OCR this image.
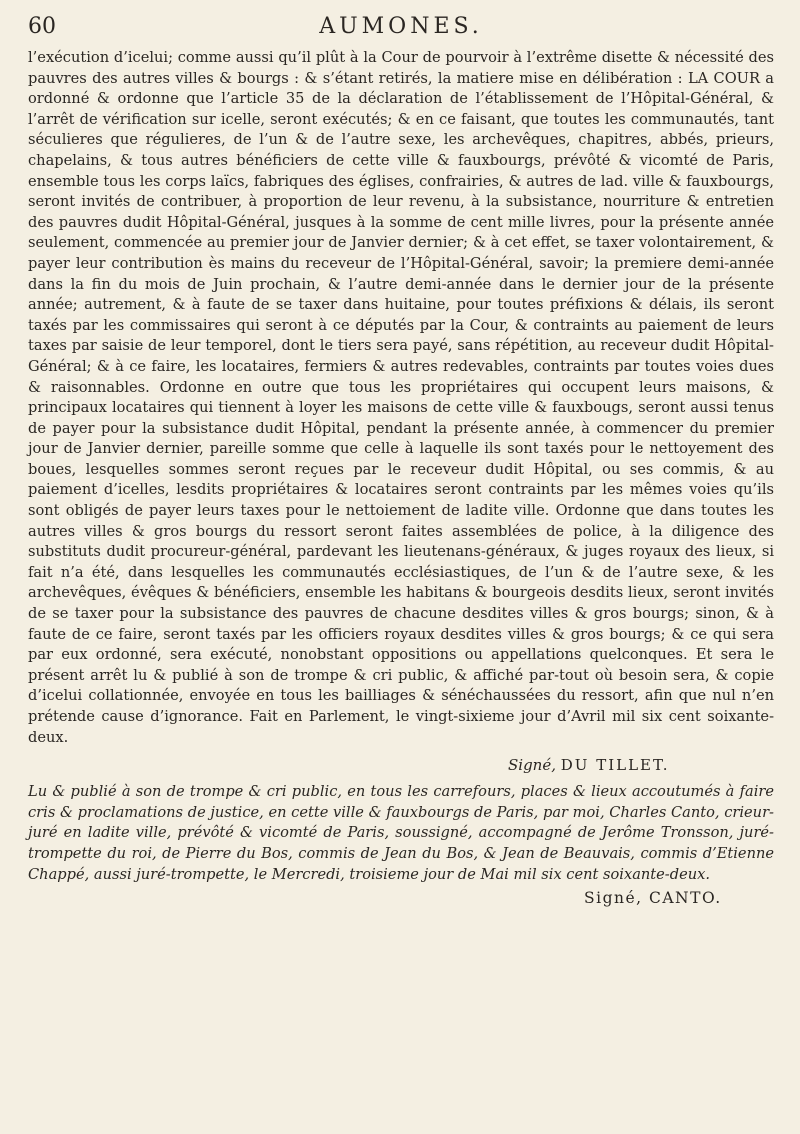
60	AUMONES.

l’exécution d’icelui; comme aussi qu’il plût à la Cour de pourvoir à l’extrême disette & nécessité des pauvres des autres villes & bourgs : & s’étant retirés, la matiere mise en délibération : LA COUR a ordonné & ordonne que l’article 35 de la déclaration de l’établissement de l’Hôpital-Général, & l’arrêt de vérification sur icelle, seront exécutés; & en ce faisant, que toutes les communautés, tant séculieres que régulieres, de l’un & de l’autre sexe, les archevêques, chapitres, abbés, prieurs, chapelains, & tous autres bénéficiers de cette ville & fauxbourgs, prévôté & vicomté de Paris, ensemble tous les corps laïcs, fabriques des églises, confrairies, & autres de lad. ville & fauxbourgs, seront invités de contribuer, à proportion de leur revenu, à la subsistance, nourriture & entretien des pauvres dudit Hôpital-Général, jusques à la somme de cent mille livres, pour la présente année seulement, commencée au premier jour de Janvier dernier; & à cet effet, se taxer volontairement, & payer leur contribution ès mains du receveur de l’Hôpital-Général, savoir; la premiere demi-année dans la fin du mois de Juin prochain, & l’autre demi-année dans le dernier jour de la présente année; autrement, & à faute de se taxer dans huitaine, pour toutes préfixions & délais, ils seront taxés par les commissaires qui seront à ce députés par la Cour, & contraints au paiement de leurs taxes par saisie de leur temporel, dont le tiers sera payé, sans répétition, au receveur dudit Hôpital-Général; & à ce faire, les locataires, fermiers & autres redevables, contraints par toutes voies dues & raisonnables. Ordonne en outre que tous les propriétaires qui occupent leurs maisons, & principaux locataires qui tiennent à loyer les maisons de cette ville & fauxbougs, seront aussi tenus de payer pour la subsistance dudit Hôpital, pendant la présente année, à commencer du premier jour de Janvier dernier, pareille somme que celle à laquelle ils sont taxés pour le nettoyement des boues, lesquelles sommes seront reçues par le receveur dudit Hôpital, ou ses commis, & au paiement d’icelles, lesdits propriétaires & locataires seront contraints par les mêmes voies qu’ils sont obligés de payer leurs taxes pour le nettoiement de ladite ville. Ordonne que dans toutes les autres villes & gros bourgs du ressort seront faites assemblées de police, à la diligence des substituts dudit procureur-général, pardevant les lieutenans-généraux, & juges royaux des lieux, si fait n’a été, dans lesquelles les communautés ecclésiastiques, de l’un & de l’autre sexe, & les archevêques, évêques & bénéficiers, ensemble les habitans & bourgeois desdits lieux, seront invités de se taxer pour la subsistance des pauvres de chacune desdites villes & gros bourgs; sinon, & à faute de ce faire, seront taxés par les officiers royaux desdites villes & gros bourgs; & ce qui sera par eux ordonné, sera exécuté, nonobstant oppositions ou appellations quelconques. Et sera le présent arrêt lu & publié à son de trompe & cri public, & affiché par-tout où besoin sera, & copie d’icelui collationnée, envoyée en tous les bailliages & sénéchaussées du ressort, afin que nul n’en prétende cause d’ignorance. Fait en Parlement, le vingt-sixieme jour d’Avril mil six cent soixante-deux.

Signé, DU TILLET.

Lu & publié à son de trompe & cri public, en tous les carrefours, places & lieux accoutumés à faire cris & proclamations de justice, en cette ville & fauxbourgs de Paris, par moi, Charles Canto, crieur-juré en ladite ville, prévôté & vicomté de Paris, soussigné, accompagné de Jerôme Tronsson, juré-trompette du roi, de Pierre du Bos, commis de Jean du Bos, & Jean de Beauvais, commis d’Etienne Chappé, aussi juré-trompette, le Mercredi, troisieme jour de Mai mil six cent soixante-deux.

Signé, CANTO.
